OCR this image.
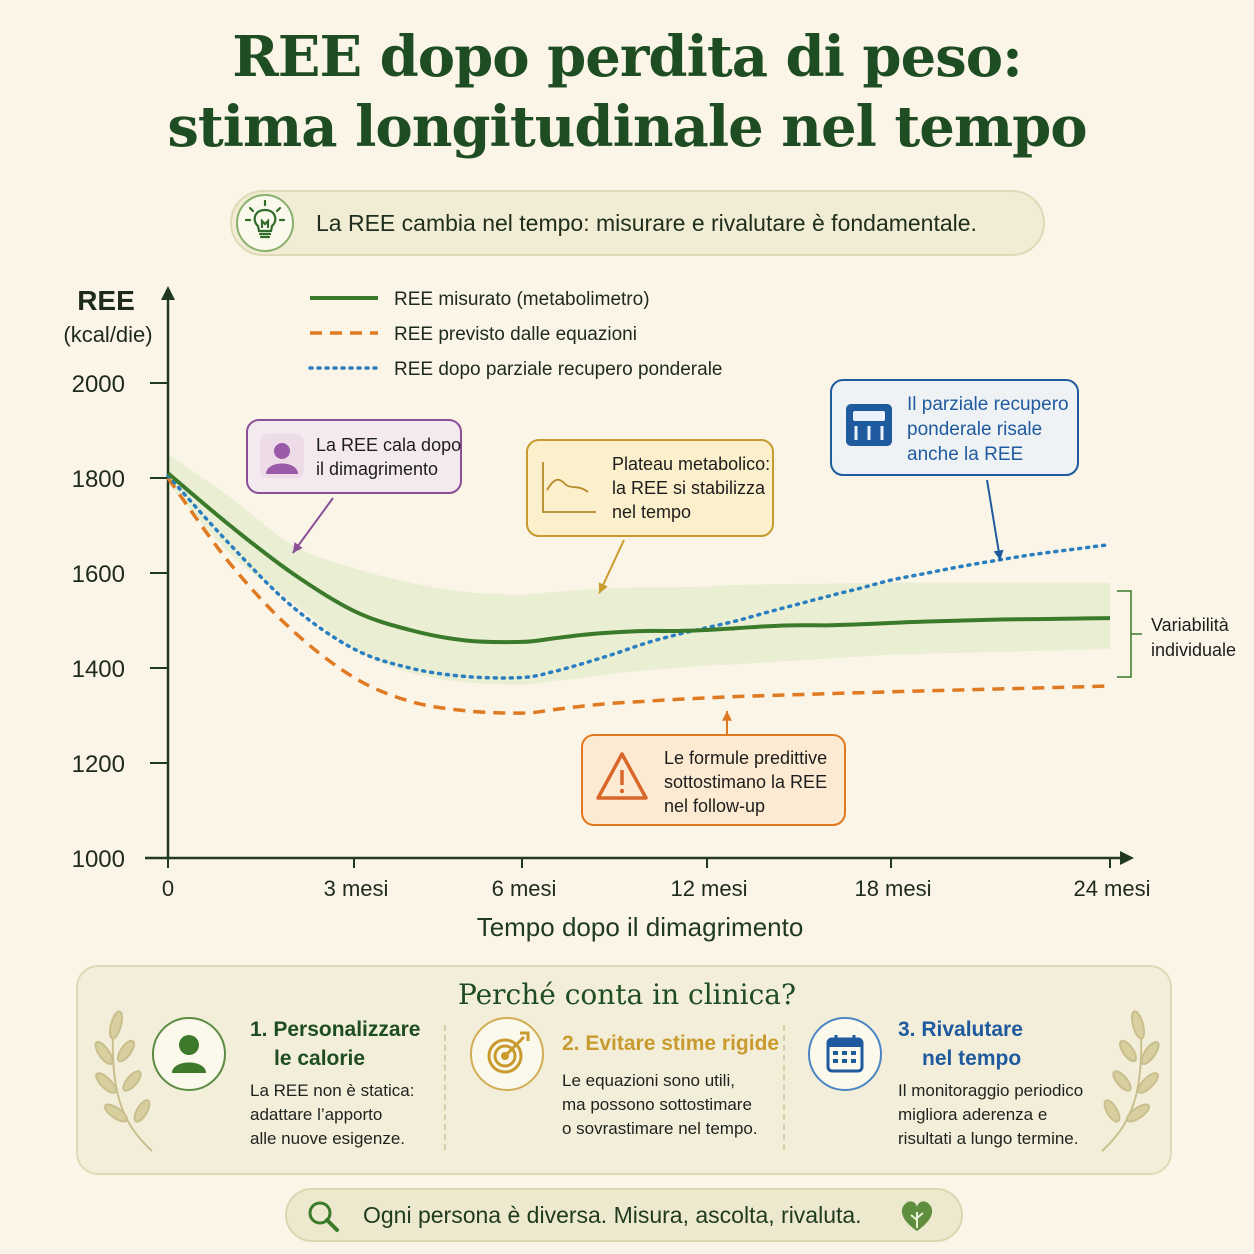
REE dopo perdita di peso:
stima longitudinale nel tempo
La REE cambia nel tempo: misurare e rivalutare è fondamentale.
2000
1800
1600
1400
1200
1000
0	3 mesi	6 mesi	12 mesi	18 mesi	24 mesi
REE
(kcal/die)
Tempo dopo il dimagrimento
REE misurato (metabolimetro)
REE previsto dalle equazioni
REE dopo parziale recupero ponderale
La REE cala dopo
il dimagrimento	Plateau metabolico:
la REE si stabilizza
nel tempo
Il parziale recupero
ponderale risale
anche la REE
Le formule predittive
sottostimano la REE
nel follow-up
Variabilità
individuale
Perché conta in clinica?
1. Personalizzare
le calorie
La REE non è statica:
adattare l’apporto
alle nuove esigenze.
2. Evitare stime rigide
Le equazioni sono utili,
ma possono sottostimare
o sovrastimare nel tempo.
3. Rivalutare
nel tempo
Il monitoraggio periodico
migliora aderenza e
risultati a lungo termine.
Ogni persona è diversa. Misura, ascolta, rivaluta.
